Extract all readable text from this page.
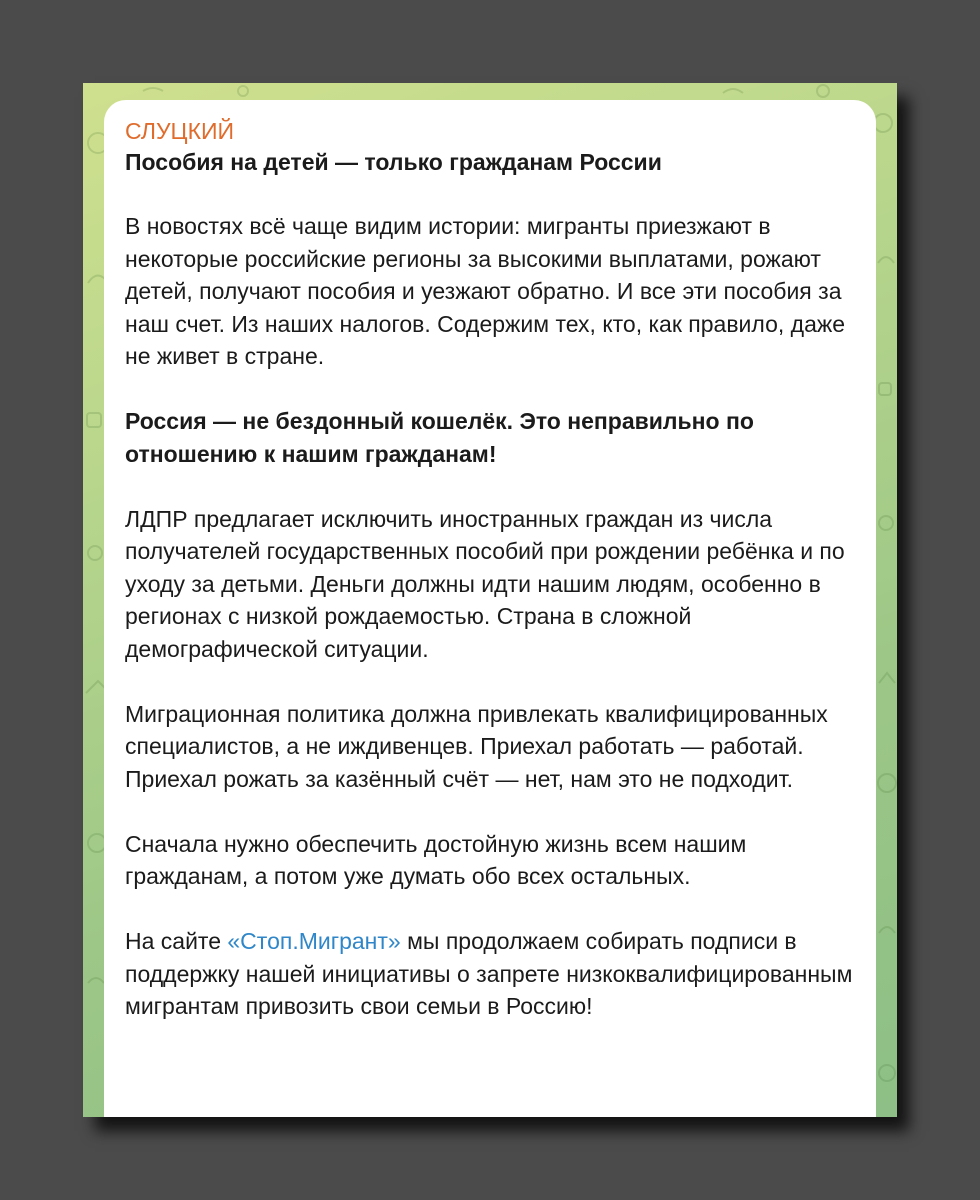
СЛУЦКИЙ

Пособия на детей — только гражданам России

В новостях всё чаще видим истории: мигранты приезжают в некоторые российские регионы за высокими выплатами, рожают детей, получают пособия и уезжают обратно. И все эти пособия за наш счет. Из наших налогов. Содержим тех, кто, как правило, даже не живет в стране.

Россия — не бездонный кошелёк. Это неправильно по отношению к нашим гражданам!

ЛДПР предлагает исключить иностранных граждан из числа получателей государственных пособий при рождении ребёнка и по уходу за детьми. Деньги должны идти нашим людям, особенно в регионах с низкой рождаемостью. Страна в сложной демографической ситуации.

Миграционная политика должна привлекать квалифицированных специалистов, а не иждивенцев. Приехал работать — работай. Приехал рожать за казённый счёт — нет, нам это не подходит.

Сначала нужно обеспечить достойную жизнь всем нашим гражданам, а потом уже думать обо всех остальных.

На сайте «Стоп.Мигрант» мы продолжаем собирать подписи в поддержку нашей инициативы о запрете низкоквалифицированным мигрантам привозить свои семьи в Россию!
